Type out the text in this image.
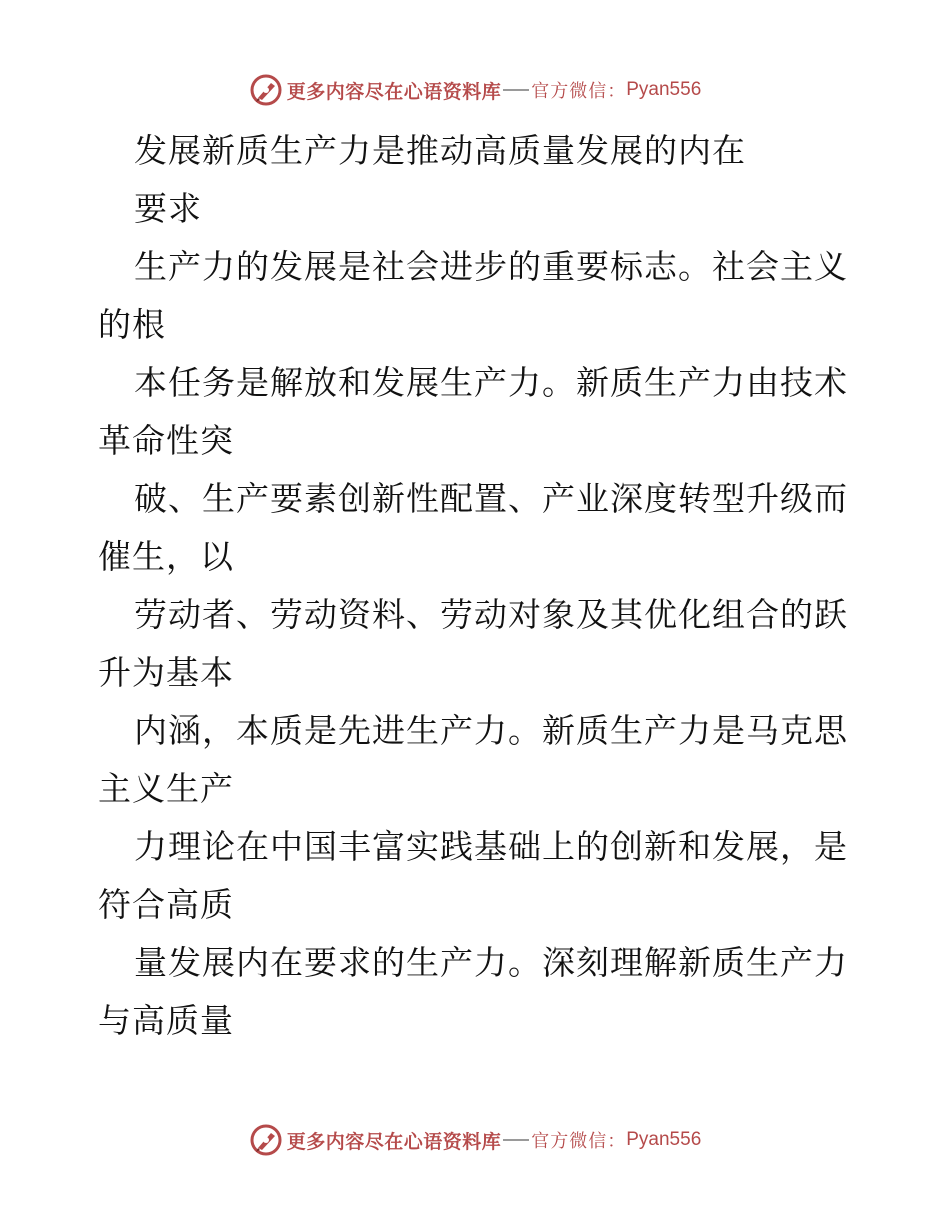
更多内容尽在心语资料库 官方微信： Pyan556
发展新质生产力是推动高质量发展的内在
要求
生产力的发展是社会进步的重要标志。社会主义
的根
本任务是解放和发展生产力。新质生产力由技术
革命性突
破、生产要素创新性配置、产业深度转型升级而
催生，以
劳动者、劳动资料、劳动对象及其优化组合的跃
升为基本
内涵，本质是先进生产力。新质生产力是马克思
主义生产
力理论在中国丰富实践基础上的创新和发展，是
符合高质
量发展内在要求的生产力。深刻理解新质生产力
与高质量
更多内容尽在心语资料库 官方微信： Pyan556
